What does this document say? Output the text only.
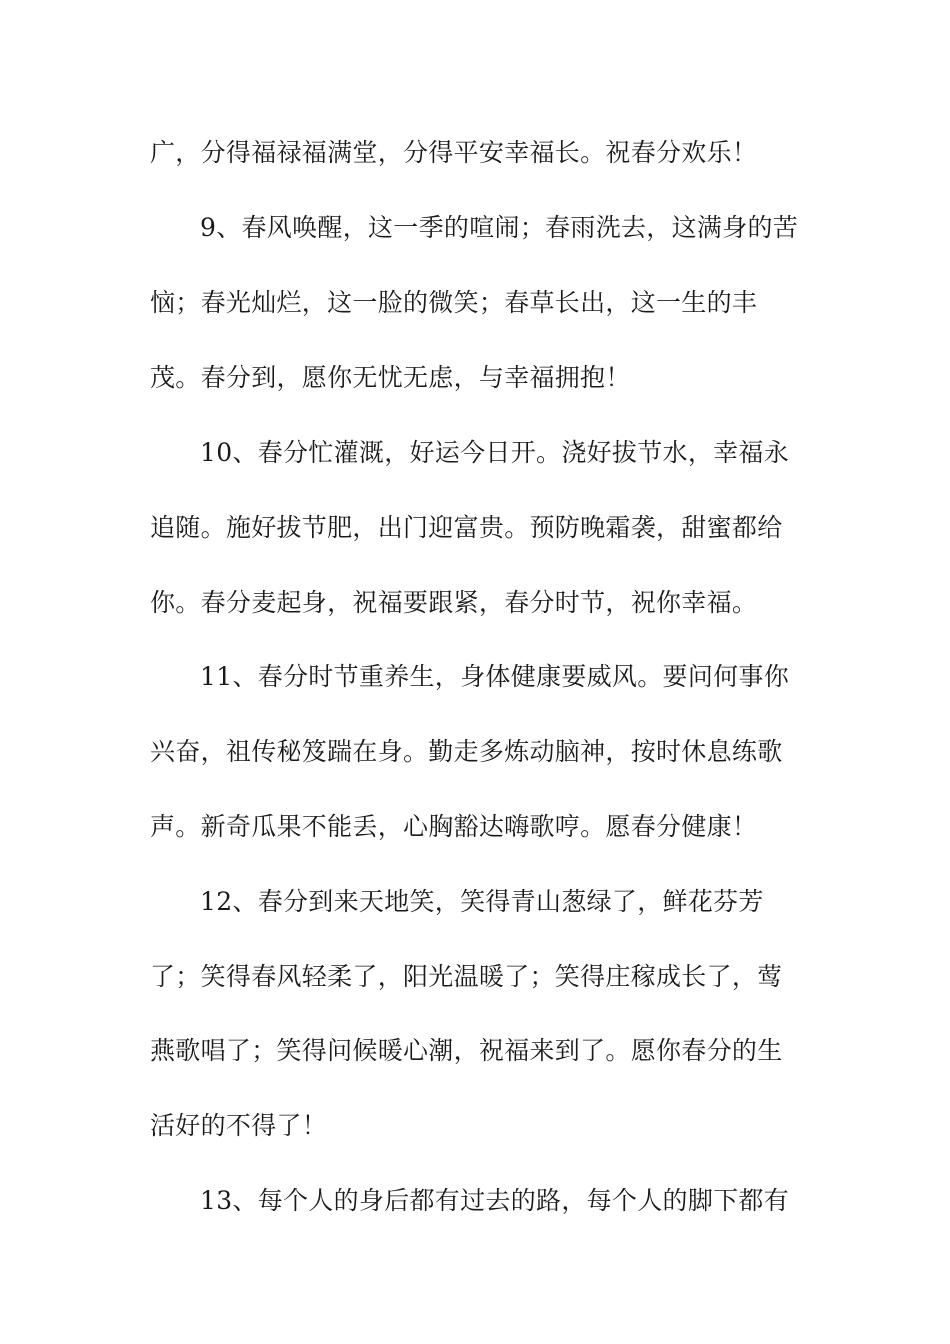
广，分得福禄福满堂，分得平安幸福长。祝春分欢乐！
9、春风唤醒，这一季的喧闹；春雨洗去，这满身的苦
恼；春光灿烂，这一脸的微笑；春草长出，这一生的丰
茂。春分到，愿你无忧无虑，与幸福拥抱！
10、春分忙灌溉，好运今日开。浇好拔节水，幸福永
追随。施好拔节肥，出门迎富贵。预防晚霜袭，甜蜜都给
你。春分麦起身，祝福要跟紧，春分时节，祝你幸福。
11、春分时节重养生，身体健康要威风。要问何事你
兴奋，祖传秘笈踹在身。勤走多炼动脑神，按时休息练歌
声。新奇瓜果不能丢，心胸豁达嗨歌哼。愿春分健康！
12、春分到来天地笑，笑得青山葱绿了，鲜花芬芳
了；笑得春风轻柔了，阳光温暖了；笑得庄稼成长了，莺
燕歌唱了；笑得问候暖心潮，祝福来到了。愿你春分的生
活好的不得了！
13、每个人的身后都有过去的路，每个人的脚下都有
